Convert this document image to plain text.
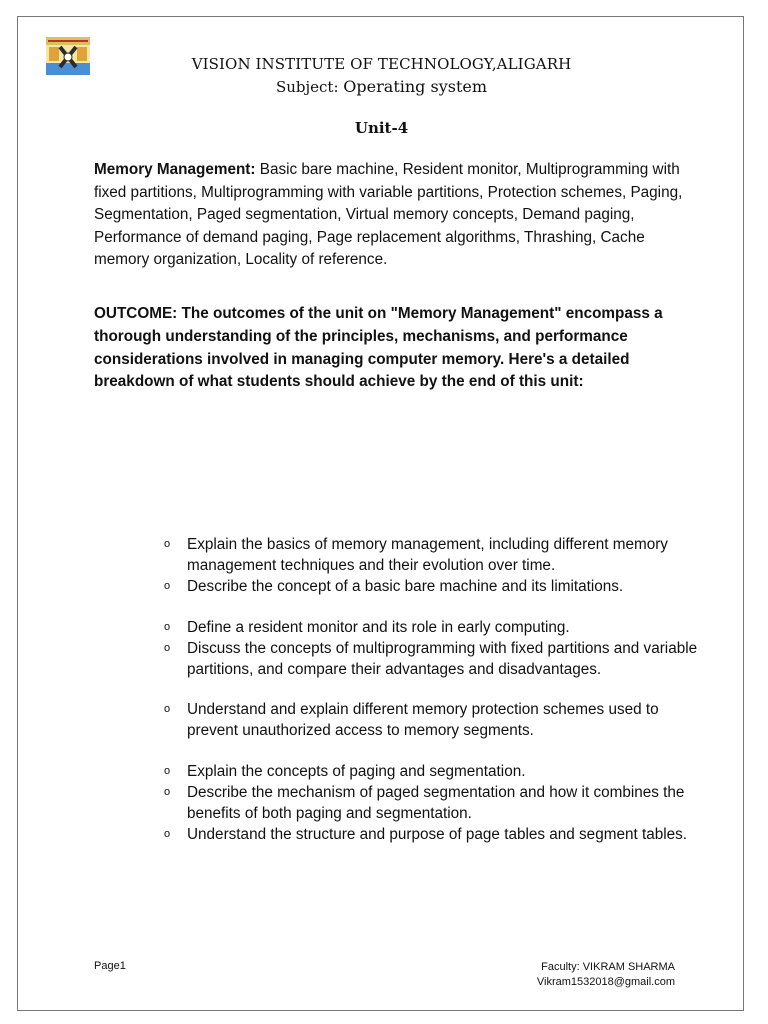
VISION INSTITUTE OF TECHNOLOGY,ALIGARH
Subject: Operating system
Unit-4
Memory Management: Basic bare machine, Resident monitor, Multiprogramming with fixed partitions, Multiprogramming with variable partitions, Protection schemes, Paging, Segmentation, Paged segmentation, Virtual memory concepts, Demand paging, Performance of demand paging, Page replacement algorithms, Thrashing, Cache memory organization, Locality of reference.
OUTCOME: The outcomes of the unit on "Memory Management" encompass a thorough understanding of the principles, mechanisms, and performance considerations involved in managing computer memory. Here's a detailed breakdown of what students should achieve by the end of this unit:
o Explain the basics of memory management, including different memory management techniques and their evolution over time.
o Describe the concept of a basic bare machine and its limitations.
o Define a resident monitor and its role in early computing.
o Discuss the concepts of multiprogramming with fixed partitions and variable partitions, and compare their advantages and disadvantages.
o Understand and explain different memory protection schemes used to prevent unauthorized access to memory segments.
o Explain the concepts of paging and segmentation.
o Describe the mechanism of paged segmentation and how it combines the benefits of both paging and segmentation.
o Understand the structure and purpose of page tables and segment tables.
Page1	Faculty: VIKRAM SHARMA
Vikram1532018@gmail.com
